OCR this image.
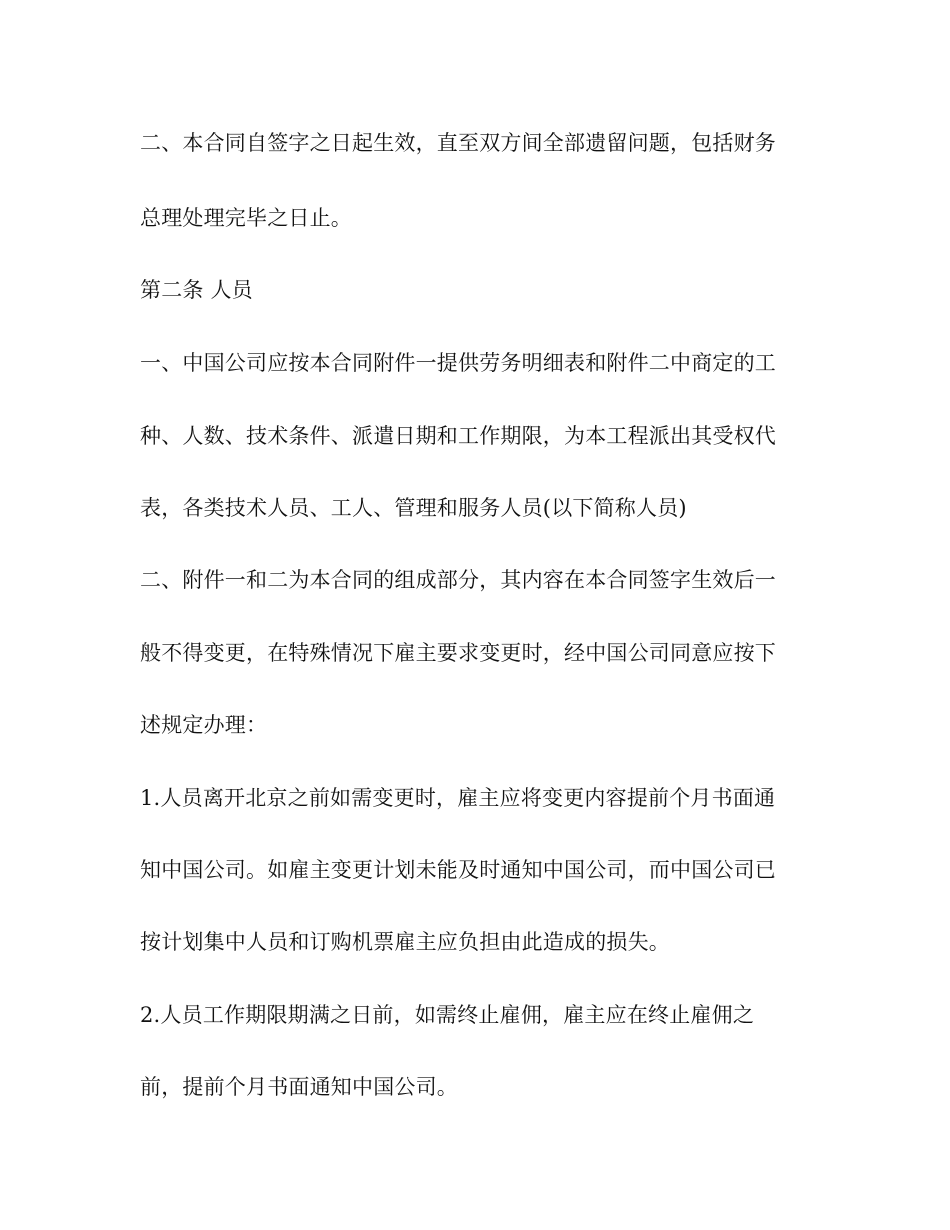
二、本合同自签字之日起生效，直至双方间全部遗留问题，包括财务
总理处理完毕之日止。
第二条 人员
一、中国公司应按本合同附件一提供劳务明细表和附件二中商定的工
种、人数、技术条件、派遣日期和工作期限，为本工程派出其受权代
表，各类技术人员、工人、管理和服务人员(以下简称人员)
二、附件一和二为本合同的组成部分，其内容在本合同签字生效后一
般不得变更，在特殊情况下雇主要求变更时，经中国公司同意应按下
述规定办理：
1.人员离开北京之前如需变更时，雇主应将变更内容提前个月书面通
知中国公司。如雇主变更计划未能及时通知中国公司，而中国公司已
按计划集中人员和订购机票雇主应负担由此造成的损失。
2.人员工作期限期满之日前，如需终止雇佣，雇主应在终止雇佣之
前，提前个月书面通知中国公司。
